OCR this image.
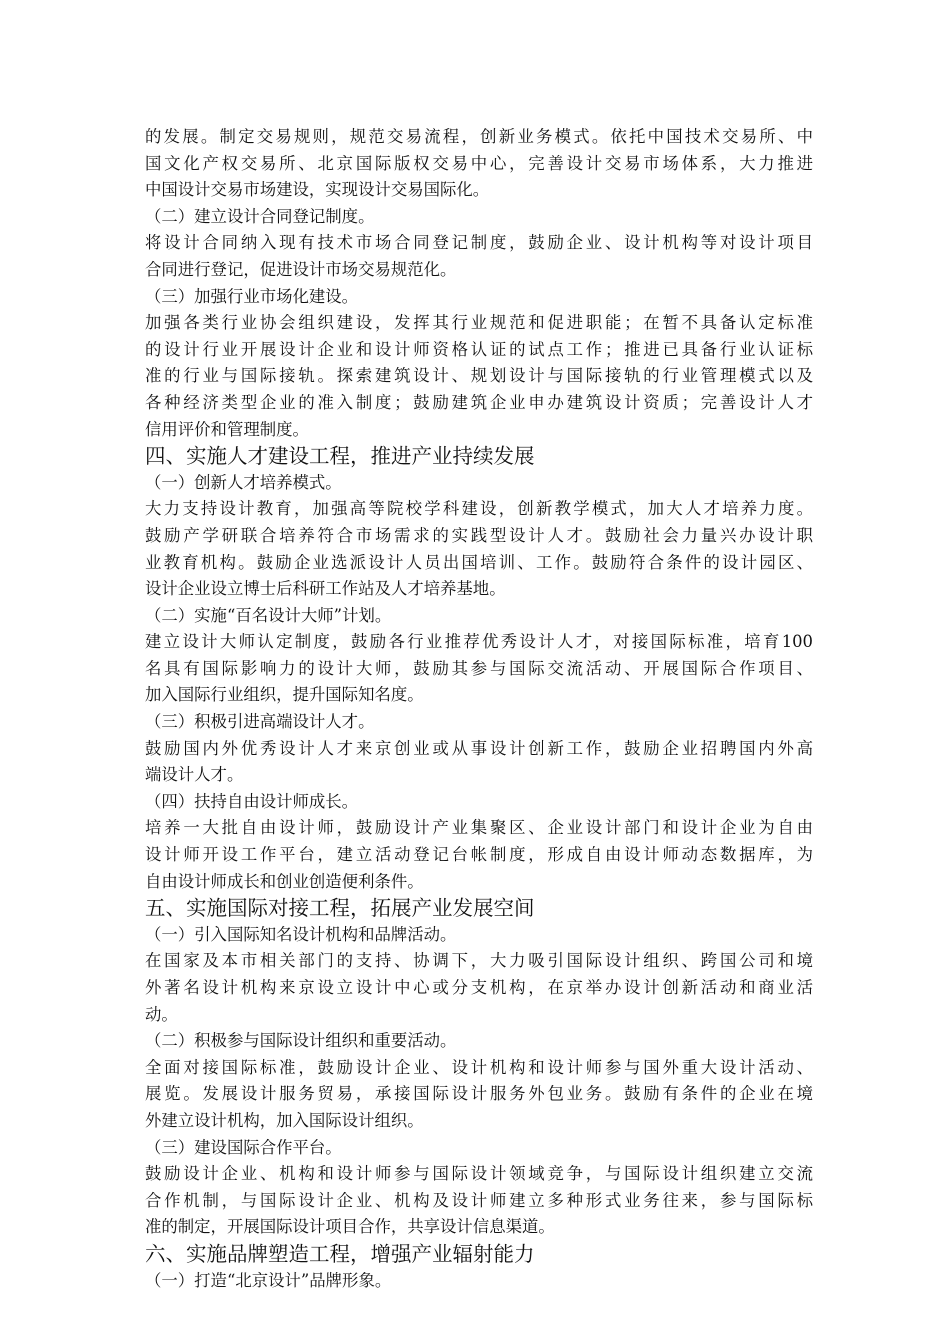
的发展。制定交易规则，规范交易流程，创新业务模式。依托中国技术交易所、中
国文化产权交易所、北京国际版权交易中心，完善设计交易市场体系，大力推进
中国设计交易市场建设，实现设计交易国际化。
（二）建立设计合同登记制度。
将设计合同纳入现有技术市场合同登记制度，鼓励企业、设计机构等对设计项目
合同进行登记，促进设计市场交易规范化。
（三）加强行业市场化建设。
加强各类行业协会组织建设，发挥其行业规范和促进职能；在暂不具备认定标准
的设计行业开展设计企业和设计师资格认证的试点工作；推进已具备行业认证标
准的行业与国际接轨。探索建筑设计、规划设计与国际接轨的行业管理模式以及
各种经济类型企业的准入制度；鼓励建筑企业申办建筑设计资质；完善设计人才
信用评价和管理制度。
四、实施人才建设工程，推进产业持续发展
（一）创新人才培养模式。
大力支持设计教育，加强高等院校学科建设，创新教学模式，加大人才培养力度。
鼓励产学研联合培养符合市场需求的实践型设计人才。鼓励社会力量兴办设计职
业教育机构。鼓励企业选派设计人员出国培训、工作。鼓励符合条件的设计园区、
设计企业设立博士后科研工作站及人才培养基地。
（二）实施“百名设计大师”计划。
建立设计大师认定制度，鼓励各行业推荐优秀设计人才，对接国际标准，培育100
名具有国际影响力的设计大师，鼓励其参与国际交流活动、开展国际合作项目、
加入国际行业组织，提升国际知名度。
（三）积极引进高端设计人才。
鼓励国内外优秀设计人才来京创业或从事设计创新工作，鼓励企业招聘国内外高
端设计人才。
（四）扶持自由设计师成长。
培养一大批自由设计师，鼓励设计产业集聚区、企业设计部门和设计企业为自由
设计师开设工作平台，建立活动登记台帐制度，形成自由设计师动态数据库，为
自由设计师成长和创业创造便利条件。
五、实施国际对接工程，拓展产业发展空间
（一）引入国际知名设计机构和品牌活动。
在国家及本市相关部门的支持、协调下，大力吸引国际设计组织、跨国公司和境
外著名设计机构来京设立设计中心或分支机构，在京举办设计创新活动和商业活
动。
（二）积极参与国际设计组织和重要活动。
全面对接国际标准，鼓励设计企业、设计机构和设计师参与国外重大设计活动、
展览。发展设计服务贸易，承接国际设计服务外包业务。鼓励有条件的企业在境
外建立设计机构，加入国际设计组织。
（三）建设国际合作平台。
鼓励设计企业、机构和设计师参与国际设计领域竞争，与国际设计组织建立交流
合作机制，与国际设计企业、机构及设计师建立多种形式业务往来，参与国际标
准的制定，开展国际设计项目合作，共享设计信息渠道。
六、实施品牌塑造工程，增强产业辐射能力
（一）打造“北京设计”品牌形象。
